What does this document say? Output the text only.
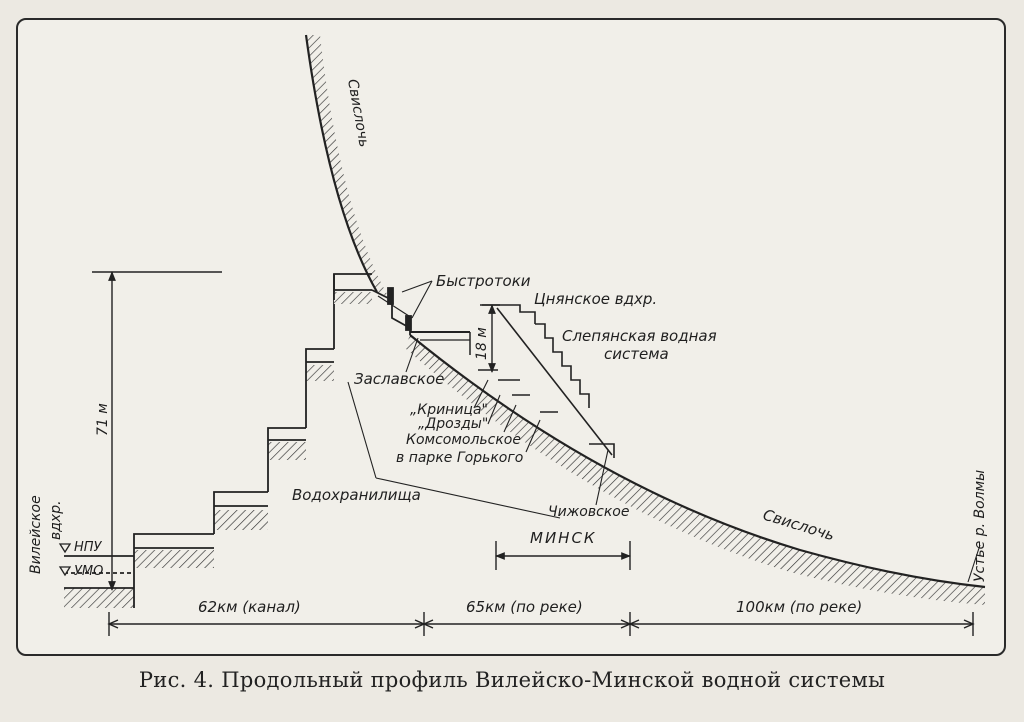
Свислочь
Быстротоки
Цнянское вдхр.
Слепянская водная
система
18 м
Заславское
„Криница"
„Дрозды"
Комсомольское
в парке Горького
Водохранилища
Чижовское	Свислочь
МИНСК
71 м
Вилейское вдхр.
НПУ
УМО	Устье р. Волмы
62км (канал)	65км (по реке)	100км (по реке)
Рис. 4. Продольный профиль Вилейско-Минской водной системы
